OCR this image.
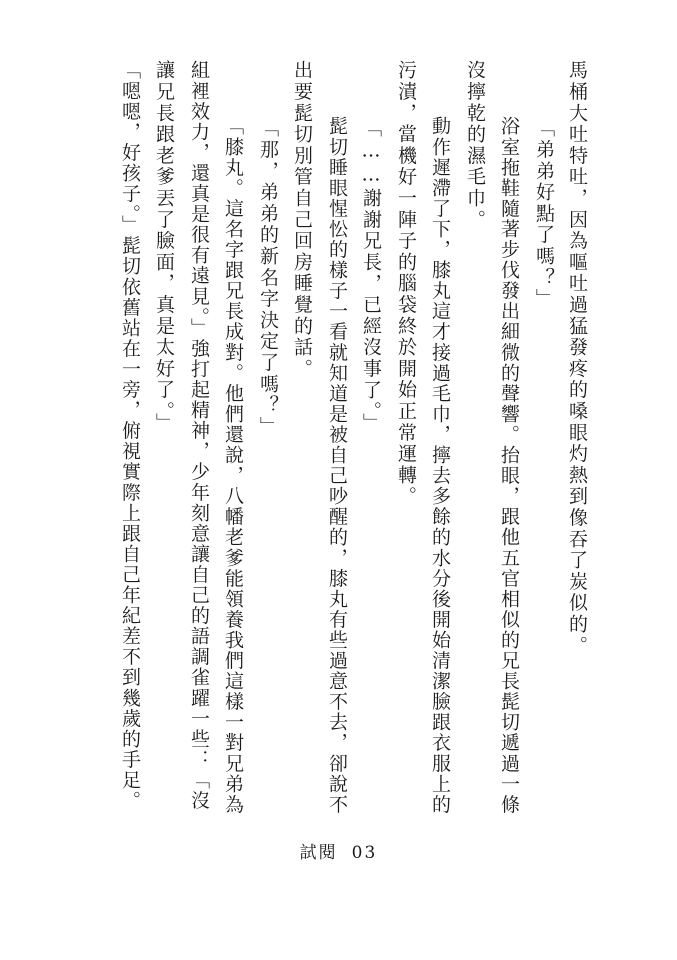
馬桶大吐特吐，因為嘔吐過猛發疼的嗓眼灼熱到像吞了炭似的。
「弟弟好點了嗎？」
浴室拖鞋隨著步伐發出細微的聲響。抬眼，跟他五官相似的兄長髭切遞過一條
沒擰乾的濕毛巾。
動作遲滯了下，膝丸這才接過毛巾，擰去多餘的水分後開始清潔臉跟衣服上的
污漬，當機好一陣子的腦袋終於開始正常運轉。
「……謝謝兄長，已經沒事了。」
髭切睡眼惺忪的樣子一看就知道是被自己吵醒的，膝丸有些過意不去，卻說不
出要髭切別管自己回房睡覺的話。
「那，弟弟的新名字決定了嗎？」
「膝丸。這名字跟兄長成對。他們還說，八幡老爹能領養我們這樣一對兄弟為
組裡效力，還真是很有遠見。」強打起精神，少年刻意讓自己的語調雀躍一些：「沒
讓兄長跟老爹丟了臉面，真是太好了。」
「嗯嗯，好孩子。」髭切依舊站在一旁，俯視實際上跟自己年紀差不到幾歲的手足。
試閱 03
